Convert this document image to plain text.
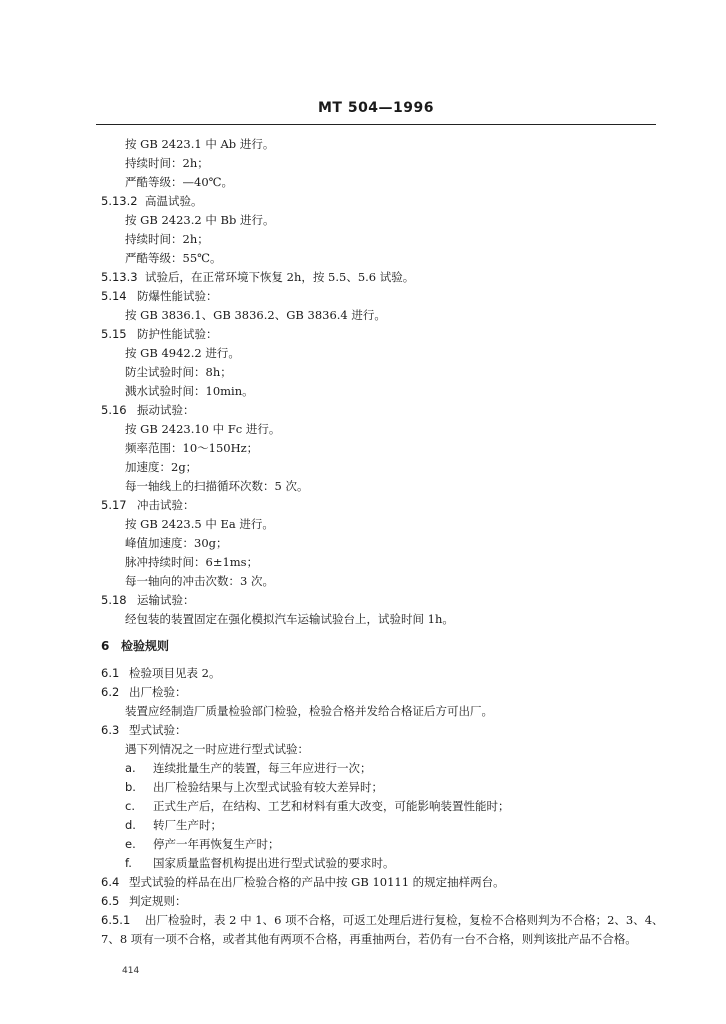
MT 504—1996
按 GB 2423.1 中 Ab 进行。
持续时间：2h；
严酷等级：—40℃。
5.13.2 高温试验。
按 GB 2423.2 中 Bb 进行。
持续时间：2h；
严酷等级：55℃。
5.13.3 试验后，在正常环境下恢复 2h，按 5.5、5.6 试验。
5.14 防爆性能试验：
按 GB 3836.1、GB 3836.2、GB 3836.4 进行。
5.15 防护性能试验：
按 GB 4942.2 进行。
防尘试验时间：8h；
溅水试验时间：10min。
5.16 振动试验：
按 GB 2423.10 中 Fc 进行。
频率范围：10～150Hz；
加速度：2g；
每一轴线上的扫描循环次数：5 次。
5.17 冲击试验：
按 GB 2423.5 中 Ea 进行。
峰值加速度：30g；
脉冲持续时间：6±1ms；
每一轴向的冲击次数：3 次。
5.18 运输试验：
经包装的装置固定在强化模拟汽车运输试验台上，试验时间 1h。
6 检验规则
6.1 检验项目见表 2。
6.2 出厂检验：
装置应经制造厂质量检验部门检验，检验合格并发给合格证后方可出厂。
6.3 型式试验：
遇下列情况之一时应进行型式试验：
a. 连续批量生产的装置，每三年应进行一次；
b. 出厂检验结果与上次型式试验有较大差异时；
c. 正式生产后，在结构、工艺和材料有重大改变，可能影响装置性能时；
d. 转厂生产时；
e. 停产一年再恢复生产时；
f. 国家质量监督机构提出进行型式试验的要求时。
6.4 型式试验的样品在出厂检验合格的产品中按 GB 10111 的规定抽样两台。
6.5 判定规则：
6.5.1 出厂检验时，表 2 中 1、6 项不合格，可返工处理后进行复检，复检不合格则判为不合格；2、3、4、
7、8 项有一项不合格，或者其他有两项不合格，再重抽两台，若仍有一台不合格，则判该批产品不合格。
414
